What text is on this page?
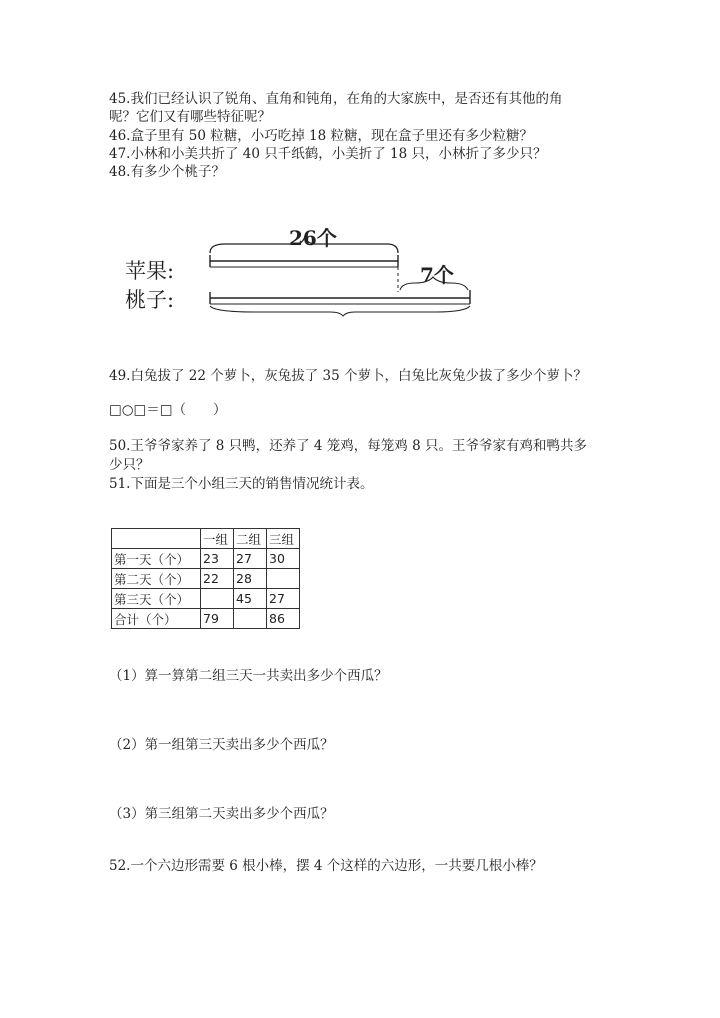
45.我们已经认识了锐角、直角和钝角，在角的大家族中，是否还有其他的角
呢？它们又有哪些特征呢？
46.盒子里有 50 粒糖，小巧吃掉 18 粒糖，现在盒子里还有多少粒糖？
47.小林和小美共折了 40 只千纸鹤，小美折了 18 只，小林折了多少只？
48.有多少个桃子？
26个
7个
苹果:
桃子:
49.白兔拔了 22 个萝卜，灰兔拔了 35 个萝卜，白兔比灰兔少拔了多少个萝卜？
□○□＝□（　　）
50.王爷爷家养了 8 只鸭，还养了 4 笼鸡，每笼鸡 8 只。王爷爷家有鸡和鸭共多
少只？
51.下面是三个小组三天的销售情况统计表。
	一组	二组	三组
第一天（个）	23	27	30
第二天（个）	22	28	
第三天（个）		45	27
合计（个）	79		86
（1）算一算第二组三天一共卖出多少个西瓜？
（2）第一组第三天卖出多少个西瓜？
（3）第三组第二天卖出多少个西瓜？
52.一个六边形需要 6 根小棒，摆 4 个这样的六边形，一共要几根小棒？
